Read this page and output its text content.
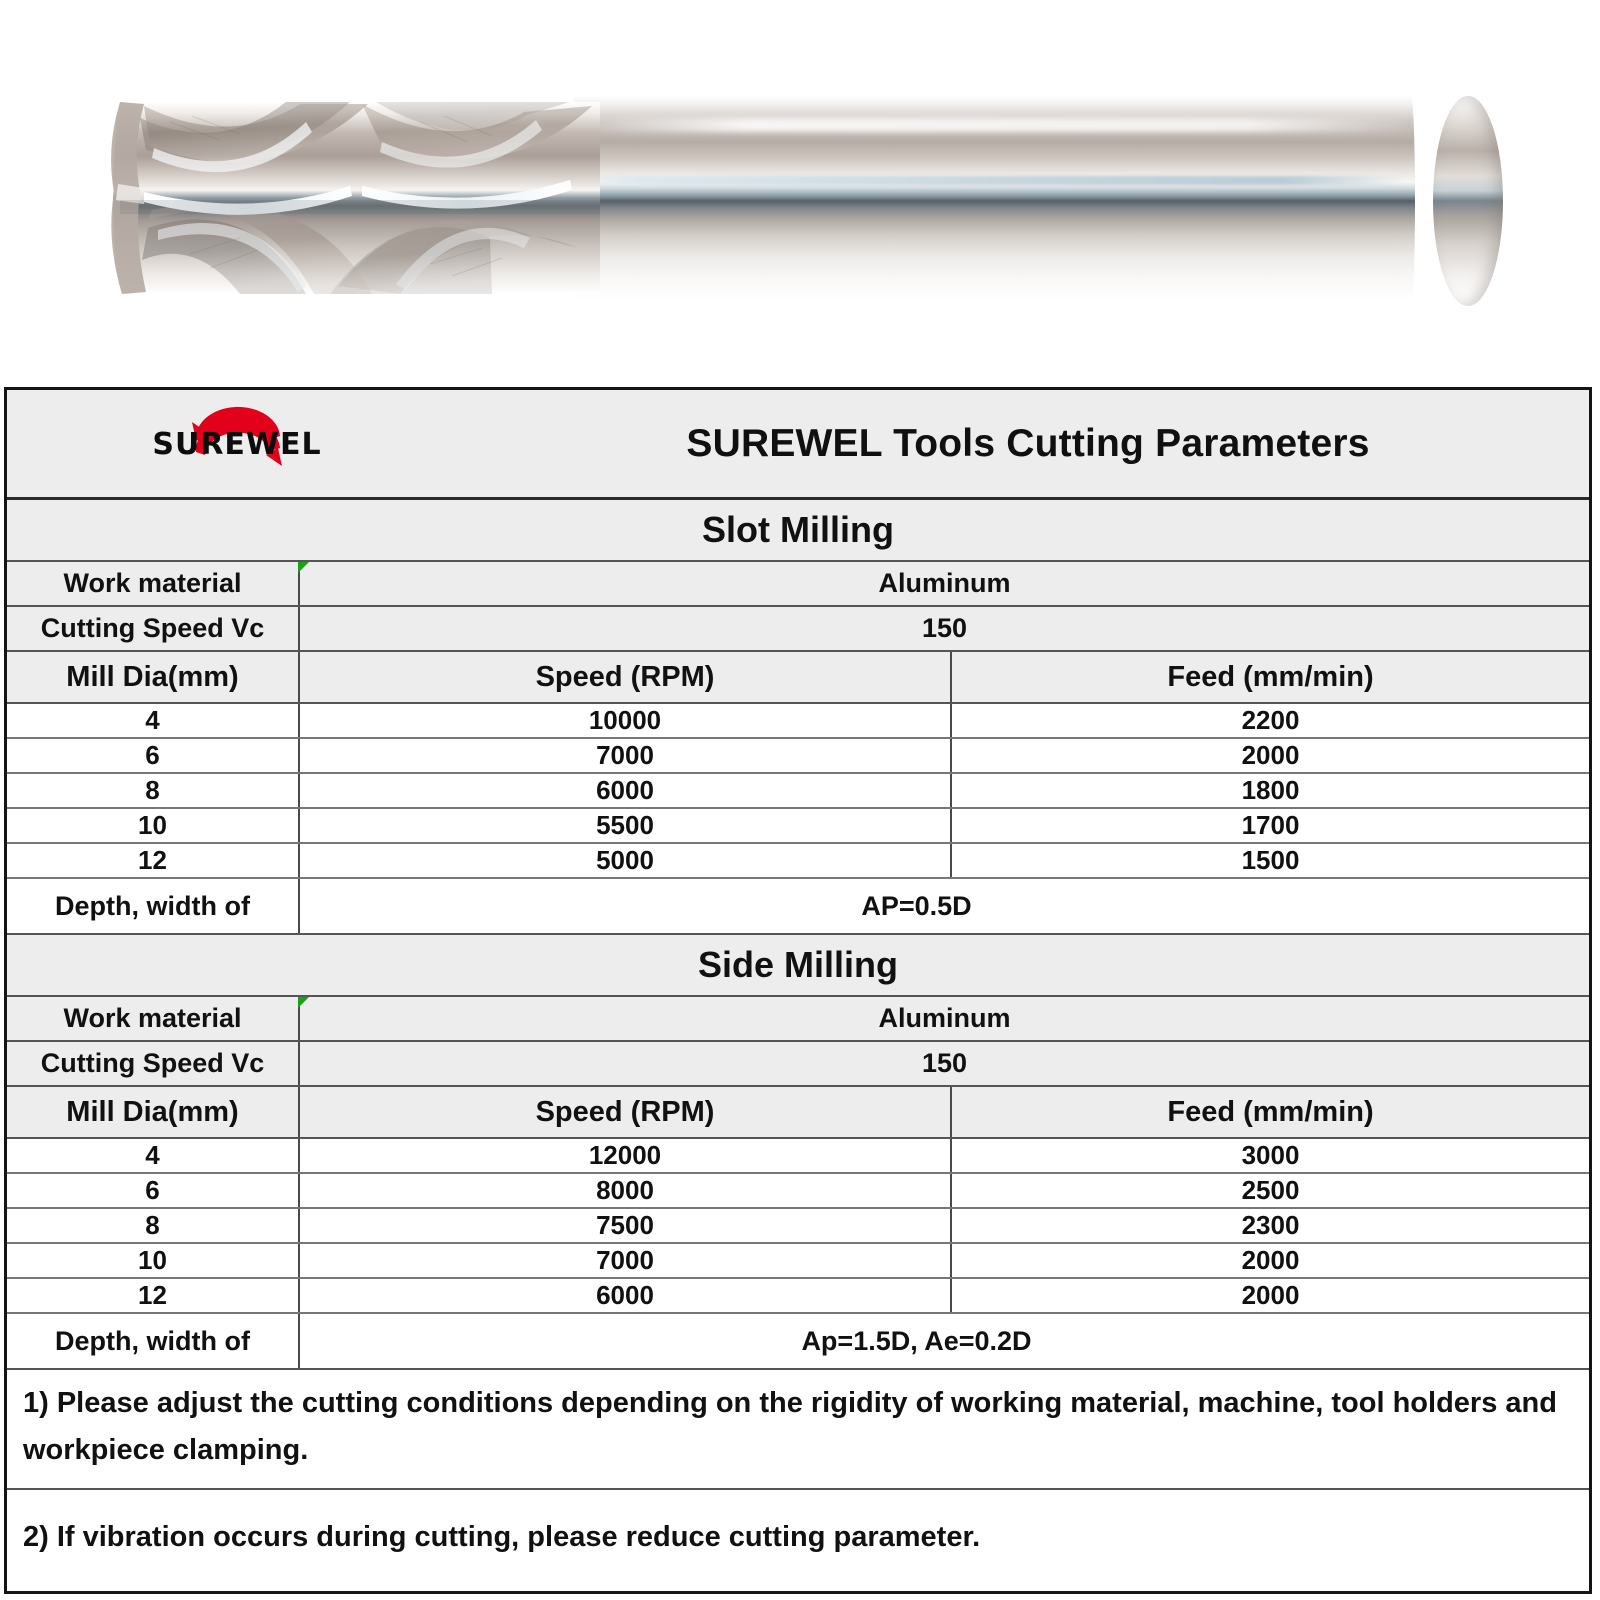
SUREWEL	SUREWEL Tools Cutting Parameters
Slot Milling
Work material	Aluminum
Cutting Speed Vc	150
Mill Dia(mm)	Speed (RPM)	Feed (mm/min)
4	10000	2200
6	7000	2000
8	6000	1800
10	5500	1700
12	5000	1500
Depth, width of	AP=0.5D
Side Milling
Work material	Aluminum
Cutting Speed Vc	150
Mill Dia(mm)	Speed (RPM)	Feed (mm/min)
4	12000	3000
6	8000	2500
8	7500	2300
10	7000	2000
12	6000	2000
Depth, width of	Ap=1.5D, Ae=0.2D
1) Please adjust the cutting conditions depending on the rigidity of working material, machine, tool holders and workpiece clamping.
2) If vibration occurs during cutting, please reduce cutting parameter.
